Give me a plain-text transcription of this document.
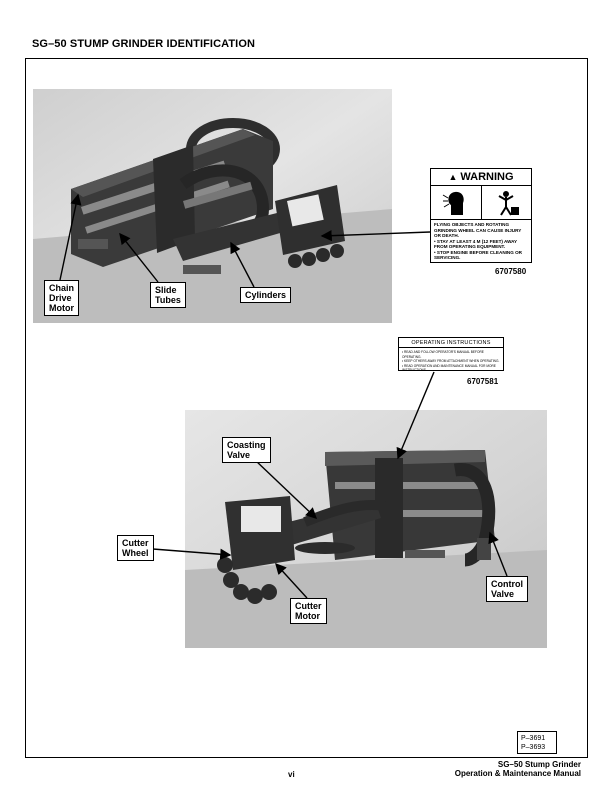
SG–50 STUMP GRINDER IDENTIFICATION
▲ WARNING
FLYING OBJECTS AND ROTATING GRINDING WHEEL CAN CAUSE INJURY OR DEATH.
• STAY AT LEAST 4 M (12 FEET) AWAY FROM OPERATING EQUIPMENT.
• STOP ENGINE BEFORE CLEANING OR SERVICING.
6707580
OPERATING INSTRUCTIONS
• READ AND FOLLOW OPERATOR'S MANUAL BEFORE OPERATING.
• KEEP OTHERS AWAY FROM ATTACHMENT WHEN OPERATING.
• READ OPERATION AND MAINTENANCE MANUAL FOR MORE INSTRUCTIONS.
6707581
Chain
Drive
Motor
Slide
Tubes	Cylinders
Coasting
Valve
Cutter
Wheel
Cutter
Motor
Control
Valve
P–3691
P–3693
vi
SG–50 Stump Grinder
Operation & Maintenance Manual
